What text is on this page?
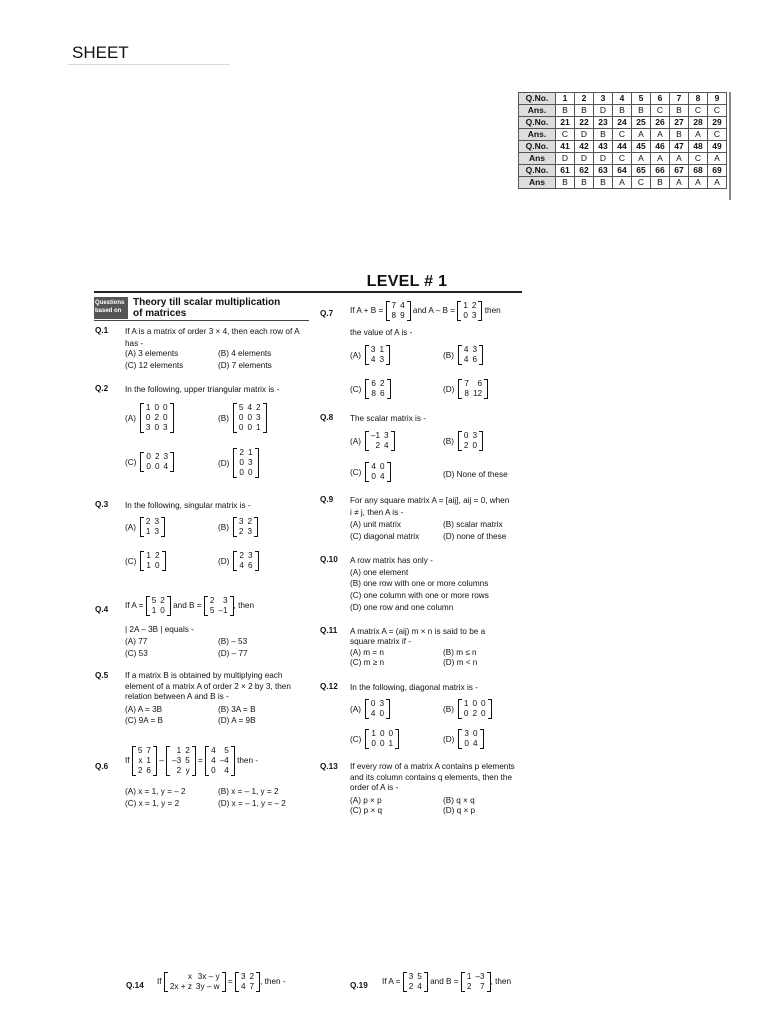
SHEET
Q.No.	1	2	3	4	5	6	7	8	9
Ans.	B	B	D	B	B	C	B	C	C
Q.No.	21	22	23	24	25	26	27	28	29
Ans.	C	D	B	C	A	A	B	A	C
Q.No.	41	42	43	44	45	46	47	48	49
Ans	D	D	D	C	A	A	A	C	A
Q.No.	61	62	63	64	65	66	67	68	69
Ans	B	B	B	A	C	B	A	A	A
LEVEL # 1
Questions based on
Theory till scalar multiplication
of matrices
Q.1 If A is a matrix of order 3 × 4, then each row of A has -
(A) 3 elements	(B) 4 elements
(C) 12 elements	(D) 7 elements
Q.2 In the following, upper triangular matrix is -
(A)
1	0	0
0	2	0
3	0	3
(B)
5	4	2
0	0	3
0	0	1
(C)
0	2	3
0	0	4	(D)
2	1
0	3
0	0
Q.3 In the following, singular matrix is -
(A)
2	3
1	3	(B)
3	2
2	3
(C)
1	2
1	0	(D)
2	3
4	6
Q.4 If A =
5	2
1	0
and B =
2	3
5	–1
, then
| 2A – 3B | equals -
(A) 77	(B) – 53
(C) 53	(D) – 77
Q.5 If a matrix B is obtained by multiplying each element of a matrix A of order 2 × 2 by 3, then relation between A and B is -
(A) A = 3B	(B) 3A = B
(C) 9A = B	(D) A = 9B
Q.6
If
5	7
x	1
2	6
–
1	2
–3	5
2	y
=
4	5
4	–4
0	4
then -
(A) x = 1, y = – 2	(B) x = – 1, y = 2
(C) x = 1, y = 2	(D) x = – 1, y = – 2
Q.7 If A + B =
7	4
8	9
and A – B =
1	2
0	3
then
the value of A is -
(A)
3	1
4	3	(B)
4	3
4	6
(C)
6	2
8	6	(D)
7	6
8	12
Q.8 The scalar matrix is -
(A)
–1	3
2	4	(B)
0	3
2	0
(C)
4	0
0	4	(D) None of these
Q.9 For any square matrix A = [aij], aij = 0, when
i ≠ j, then A is -
(A) unit matrix	(B) scalar matrix
(C) diagonal matrix	(D) none of these
Q.10 A row matrix has only -
(A) one element
(B) one row with one or more columns
(C) one column with one or more rows
(D) one row and one column
Q.11 A matrix A = (aij) m × n is said to be a
square matrix if -
(A) m = n	(B) m ≤ n
(C) m ≥ n	(D) m < n
Q.12 In the following, diagonal matrix is -
(A)
0	3
4	0	(B)
1	0	0
0	2	0
(C)
1	0	0
0	0	1	(D)
3	0
0	4
Q.13 If every row of a matrix A contains p elements and its column contains q elements, then the order of A is -
(A) p × p	(B) q × q
(C) p × q	(D) q × p
Q.14 If
x	3x – y
2x + z	3y – w
=
3	2
4	7
, then -	Q.19 If A =
3	5
2	4
and B =
1	–3
2	7
, then
